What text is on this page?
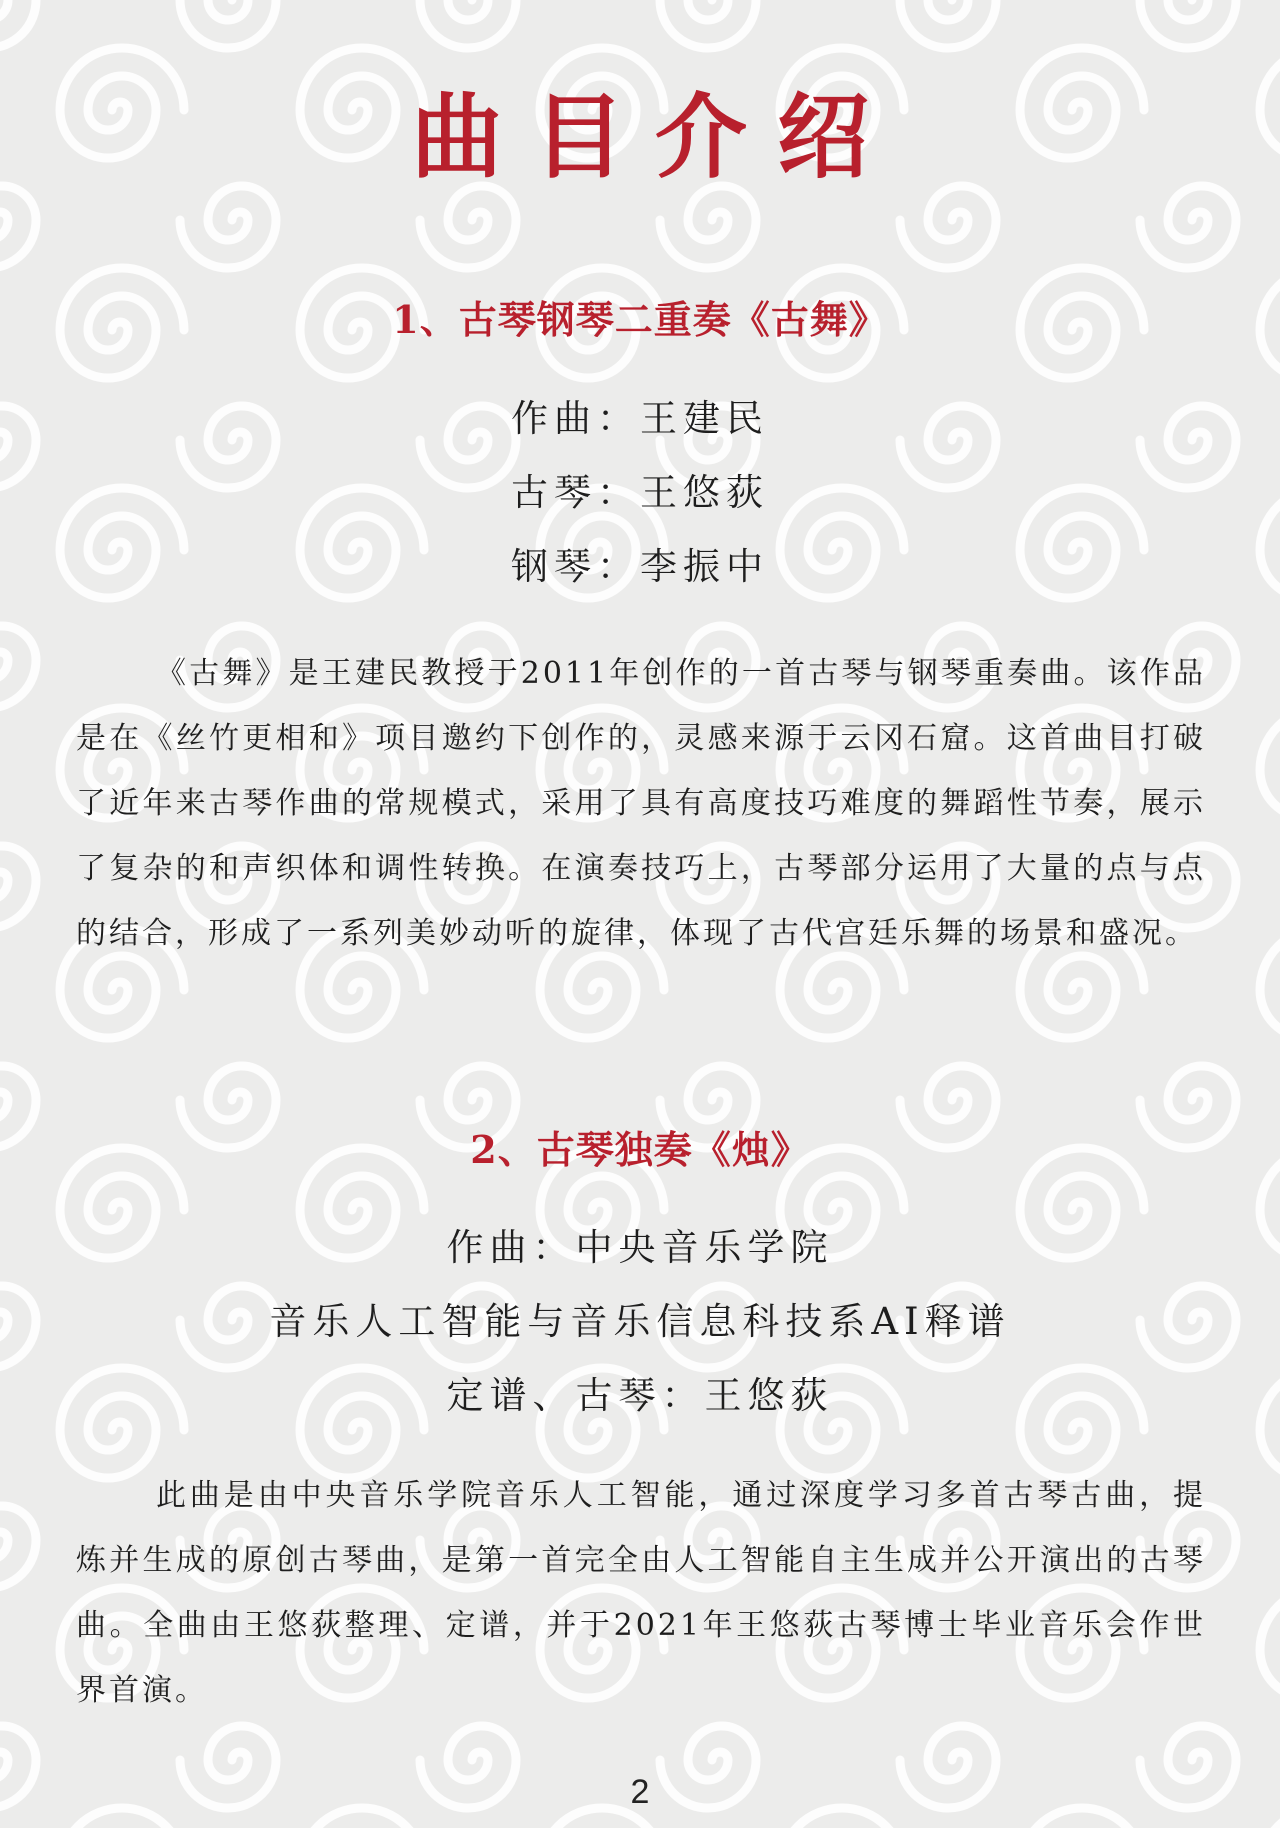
曲目介绍
1、古琴钢琴二重奏《古舞》
作曲：王建民
古琴：王悠荻
钢琴：李振中

《古舞》是王建民教授于2011年创作的一首古琴与钢琴重奏曲。该作品是在《丝竹更相和》项目邀约下创作的，灵感来源于云冈石窟。这首曲目打破了近年来古琴作曲的常规模式，采用了具有高度技巧难度的舞蹈性节奏，展示了复杂的和声织体和调性转换。在演奏技巧上，古琴部分运用了大量的点与点的结合，形成了一系列美妙动听的旋律，体现了古代宫廷乐舞的场景和盛况。

2、古琴独奏《烛》
作曲：中央音乐学院
音乐人工智能与音乐信息科技系AI释谱
定谱、古琴：王悠荻

此曲是由中央音乐学院音乐人工智能，通过深度学习多首古琴古曲，提炼并生成的原创古琴曲，是第一首完全由人工智能自主生成并公开演出的古琴曲。全曲由王悠荻整理、定谱，并于2021年王悠荻古琴博士毕业音乐会作世界首演。

2
